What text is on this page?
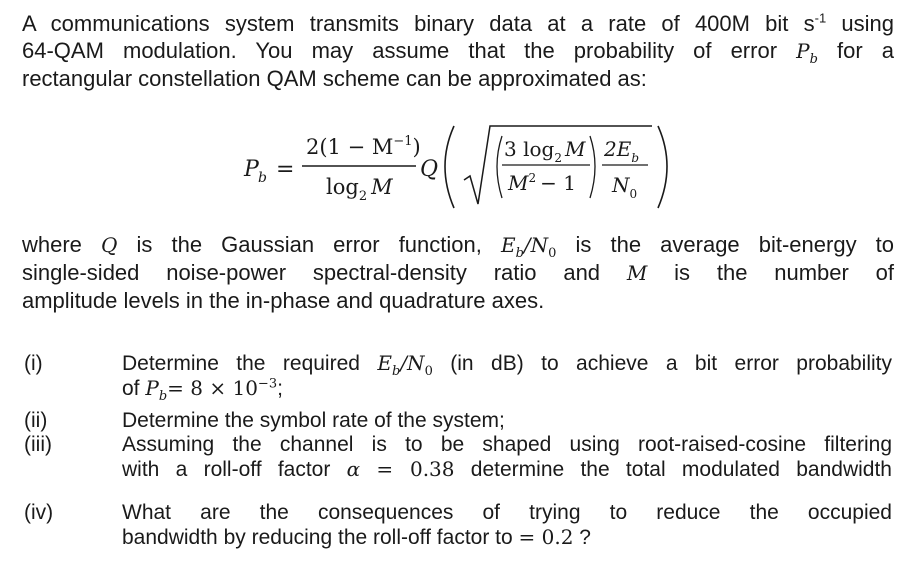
A communications system transmits binary data at a rate of 400M bit $s^{-1}$ using
64-QAM modulation. You may assume that the probability of error $P_b$ for a
rectangular constellation QAM scheme can be approximated as:
P b =
$2(1 - M^{-1})$
$\log_2 M$
Q
3 $\log_2 M$
$M^2 - 1$
$2E_b$
$N_0$
where Q is the Gaussian error function, $E_b/N_0$ is the average bit-energy to
single-sided noise-power spectral-density ratio and M is the number of
amplitude levels in the in-phase and quadrature axes.
(i)	Determine the required $E_b/N_0$ (in dB) to achieve a bit error probability
of $P_b= 8 \times 10^{-3}$;
(ii)	Determine the symbol rate of the system;
(iii)	Assuming the channel is to be shaped using root-raised-cosine filtering
with a roll-off factor α = 0.38 determine the total modulated bandwidth
(iv)	What are the consequences of trying to reduce the occupied
bandwidth by reducing the roll-off factor to = 0.2 ?
